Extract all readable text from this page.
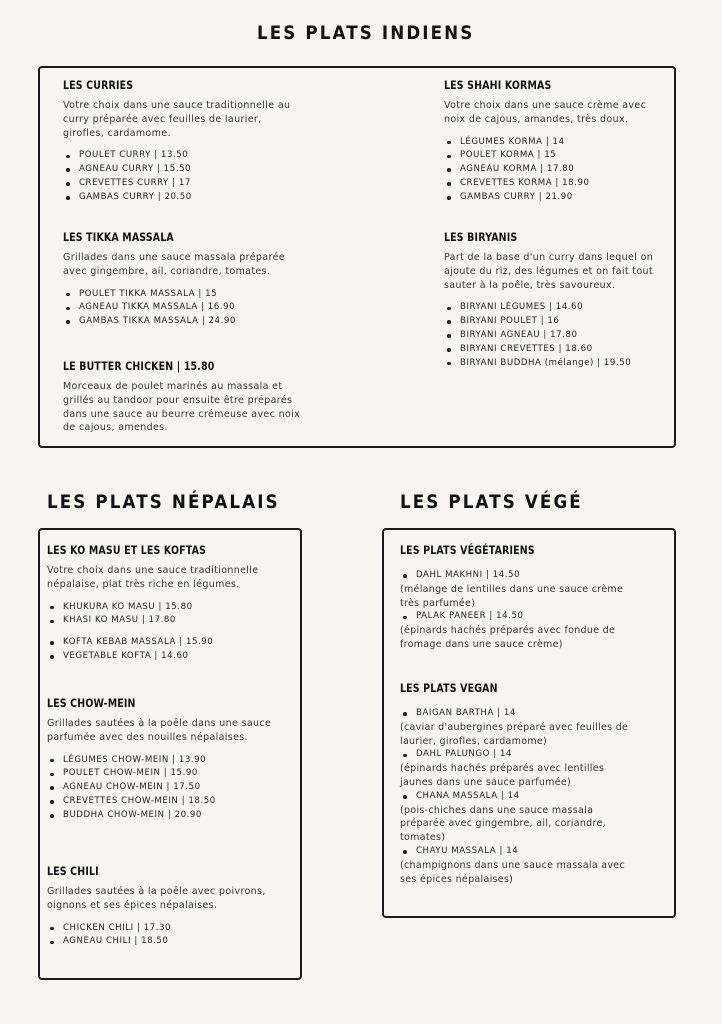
LES PLATS INDIENS
LES CURRIES
Votre choix dans une sauce traditionnelle au curry préparée avec feuilles de laurier, girofles, cardamome.
POULET CURRY | 13.50
AGNEAU CURRY | 15.50
CREVETTES CURRY | 17
GAMBAS CURRY | 20.50
LES TIKKA MASSALA
Grillades dans une sauce massala préparée avec gingembre, ail, coriandre, tomates.
POULET TIKKA MASSALA | 15
AGNEAU TIKKA MASSALA | 16.90
GAMBAS TIKKA MASSALA | 24.90
LE BUTTER CHICKEN | 15.80
Morceaux de poulet marinés au massala et grillés au tandoor pour ensuite être préparés dans une sauce au beurre crémeuse avec noix de cajous, amendes.
LES SHAHI KORMAS
Votre choix dans une sauce crème avec noix de cajous, amandes, très doux.
LÉGUMES KORMA | 14
POULET KORMA | 15
AGNEAU KORMA | 17.80
CREVETTES KORMA | 18.90
GAMBAS CURRY | 21.90
LES BIRYANIS
Part de la base d'un curry dans lequel on ajoute du riz, des légumes et on fait tout sauter à la poêle, très savoureux.
BIRYANI LÉGUMES | 14.60
BIRYANI POULET | 16
BIRYANI AGNEAU | 17.80
BIRYANI CREVETTES | 18.60
BIRYANI BUDDHA (mélange) | 19.50
LES PLATS NÉPALAIS
LES KO MASU ET LES KOFTAS
Votre choix dans une sauce traditionnelle népalaise, plat très riche en légumes.
KHUKURA KO MASU | 15.80
KHASI KO MASU | 17.80
KOFTA KEBAB MASSALA | 15.90
VEGETABLE KOFTA | 14.60
LES CHOW-MEIN
Grillades sautées à la poêle dans une sauce parfumée avec des nouilles népalaises.
LÉGUMES CHOW-MEIN | 13.90
POULET CHOW-MEIN | 15.90
AGNEAU CHOW-MEIN | 17.50
CREVETTES CHOW-MEIN | 18.50
BUDDHA CHOW-MEIN | 20.90
LES CHILI
Grillades sautées à la poêle avec poivrons, oignons et ses épices népalaises.
CHICKEN CHILI | 17.30
AGNEAU CHILI | 18.50
LES PLATS VÉGÉ
LES PLATS VÉGÉTARIENS
DAHL MAKHNI | 14.50
(mélange de lentilles dans une sauce crème très parfumée)
PALAK PANEER | 14.50
(épinards hachés préparés avec fondue de fromage dans une sauce crème)
LES PLATS VEGAN
BAIGAN BARTHA | 14
(caviar d'aubergines préparé avec feuilles de laurier, girofles, cardamome)
DAHL PALUNGO | 14
(épinards hachés préparés avec lentilles jaunes dans une sauce parfumée)
CHANA MASSALA | 14
(pois-chiches dans une sauce massala préparée avec gingembre, ail, coriandre, tomates)
CHAYU MASSALA | 14
(champignons dans une sauce massala avec ses épices népalaises)
